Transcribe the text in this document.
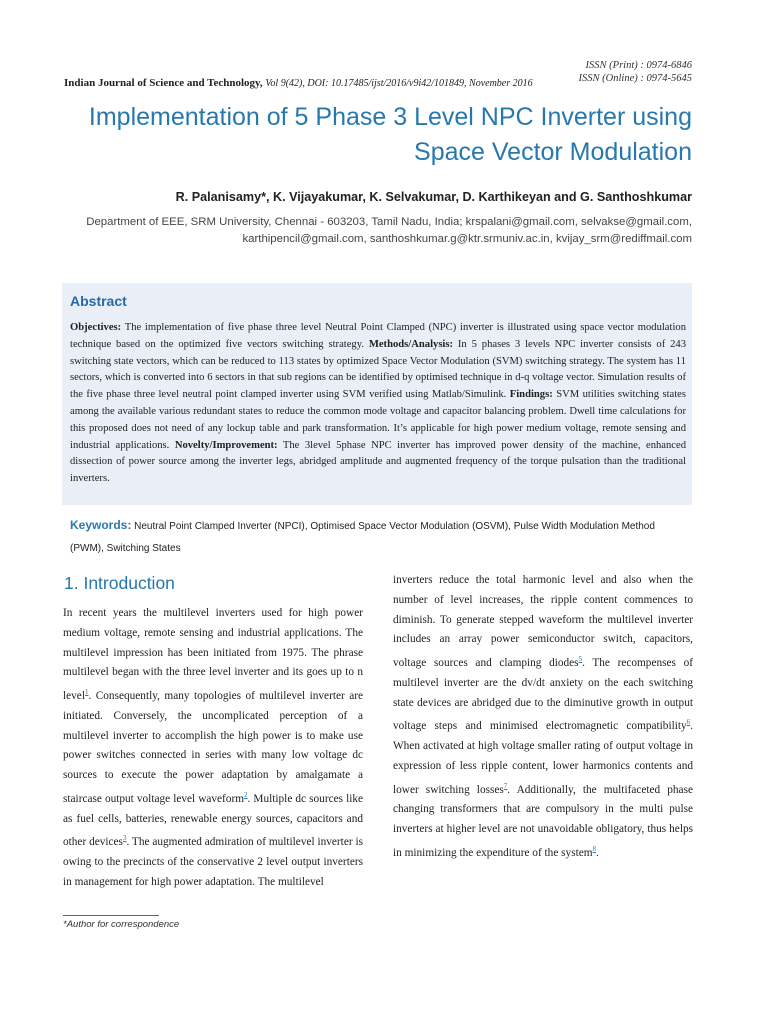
ISSN (Print) : 0974-6846
ISSN (Online) : 0974-5645
Indian Journal of Science and Technology, Vol 9(42), DOI: 10.17485/ijst/2016/v9i42/101849, November 2016
Implementation of 5 Phase 3 Level NPC Inverter using Space Vector Modulation
R. Palanisamy*, K. Vijayakumar, K. Selvakumar, D. Karthikeyan and G. Santhoshkumar
Department of EEE, SRM University, Chennai - 603203, Tamil Nadu, India; krspalani@gmail.com, selvakse@gmail.com, karthipencil@gmail.com, santhoshkumar.g@ktr.srmuniv.ac.in, kvijay_srm@rediffmail.com
Abstract
Objectives: The implementation of five phase three level Neutral Point Clamped (NPC) inverter is illustrated using space vector modulation technique based on the optimized five vectors switching strategy. Methods/Analysis: In 5 phases 3 levels NPC inverter consists of 243 switching state vectors, which can be reduced to 113 states by optimized Space Vector Modulation (SVM) switching strategy. The system has 11 sectors, which is converted into 6 sectors in that sub regions can be identified by optimised technique in d-q voltage vector. Simulation results of the five phase three level neutral point clamped inverter using SVM verified using Matlab/Simulink. Findings: SVM utilities switching states among the available various redundant states to reduce the common mode voltage and capacitor balancing problem. Dwell time calculations for this proposed does not need of any lockup table and park transformation. It’s applicable for high power medium voltage, remote sensing and industrial applications. Novelty/Improvement: The 3level 5phase NPC inverter has improved power density of the machine, enhanced dissection of power source among the inverter legs, abridged amplitude and augmented frequency of the torque pulsation than the traditional inverters.
Keywords: Neutral Point Clamped Inverter (NPCI), Optimised Space Vector Modulation (OSVM), Pulse Width Modulation Method (PWM), Switching States
1. Introduction
In recent years the multilevel inverters used for high power medium voltage, remote sensing and industrial applications. The multilevel impression has been initiated from 1975. The phrase multilevel began with the three level inverter and its goes up to n level$^1$. Consequently, many topologies of multilevel inverter are initiated. Conversely, the uncomplicated perception of a multilevel inverter to accomplish the high power is to make use power switches connected in series with many low voltage dc sources to execute the power adaptation by amalgamate a staircase output voltage level waveform$^2$. Multiple dc sources like as fuel cells, batteries, renewable energy sources, capacitors and other devices$^3$. The augmented admiration of multilevel inverter is owing to the precincts of the conservative 2 level output inverters in management for high power adaptation. The multilevel
inverters reduce the total harmonic level and also when the number of level increases, the ripple content commences to diminish. To generate stepped waveform the multilevel inverter includes an array power semiconductor switch, capacitors, voltage sources and clamping diodes$^5$. The recompenses of multilevel inverter are the dv/dt anxiety on the each switching state devices are abridged due to the diminutive growth in output voltage steps and minimised electromagnetic compatibility$^6$. When activated at high voltage smaller rating of output voltage in expression of less ripple content, lower harmonics contents and lower switching losses$^7$. Additionally, the multifaceted phase changing transformers that are compulsory in the multi pulse inverters at higher level are not unavoidable obligatory, thus helps in minimizing the expenditure of the system$^8$.
*Author for correspondence
